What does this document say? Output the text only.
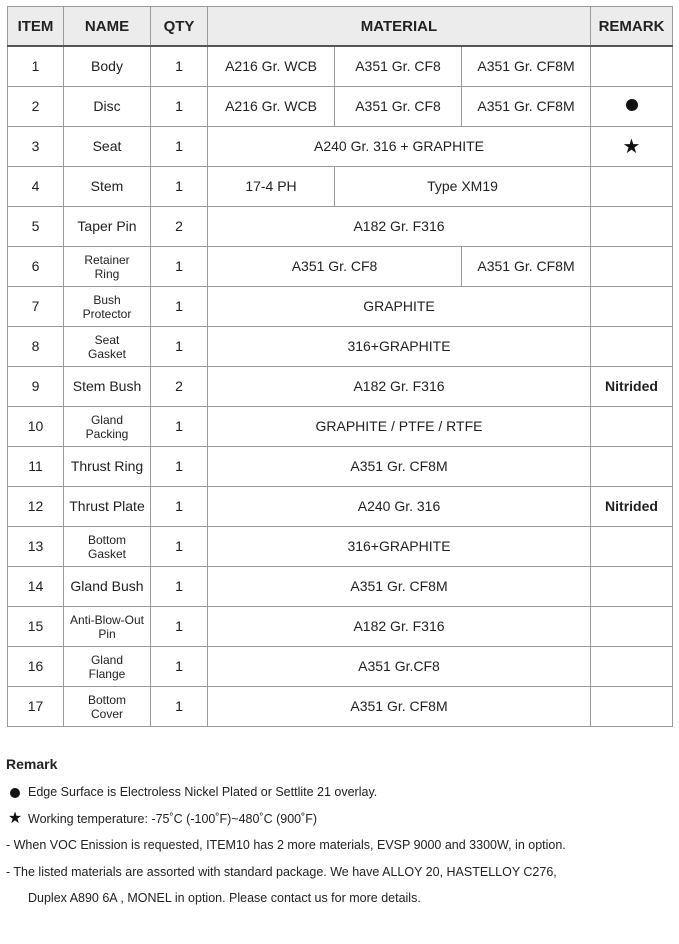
ITEM	NAME	QTY	MATERIAL			REMARK
1	Body	1	A216 Gr. WCB	A351 Gr. CF8	A351 Gr. CF8M	
2	Disc	1	A216 Gr. WCB	A351 Gr. CF8	A351 Gr. CF8M	
3	Seat	1	A240 Gr. 316 + GRAPHITE			★
4	Stem	1	17-4 PH	Type XM19		
5	Taper Pin	2	A182 Gr. F316			
6	Retainer
Ring	1	A351 Gr. CF8		A351 Gr. CF8M	
7	Bush
Protector	1	GRAPHITE			
8	Seat
Gasket	1	316+GRAPHITE			
9	Stem Bush	2	A182 Gr. F316			Nitrided
10	Gland
Packing	1	GRAPHITE / PTFE / RTFE			
11	Thrust Ring	1	A351 Gr. CF8M			
12	Thrust Plate	1	A240 Gr. 316			Nitrided
13	Bottom
Gasket	1	316+GRAPHITE			
14	Gland Bush	1	A351 Gr. CF8M			
15	Anti-Blow-Out
Pin	1	A182 Gr. F316			
16	Gland
Flange	1	A351 Gr.CF8			
17	Bottom
Cover	1	A351 Gr. CF8M			
Remark
Edge Surface is Electroless Nickel Plated or Settlite 21 overlay.
★ Working temperature: -75˚C (-100˚F)~480˚C (900˚F)
- When VOC Enission is requested, ITEM10 has 2 more materials, EVSP 9000 and 3300W, in option.
- The listed materials are assorted with standard package. We have ALLOY 20, HASTELLOY C276,
Duplex A890 6A , MONEL in option. Please contact us for more details.
